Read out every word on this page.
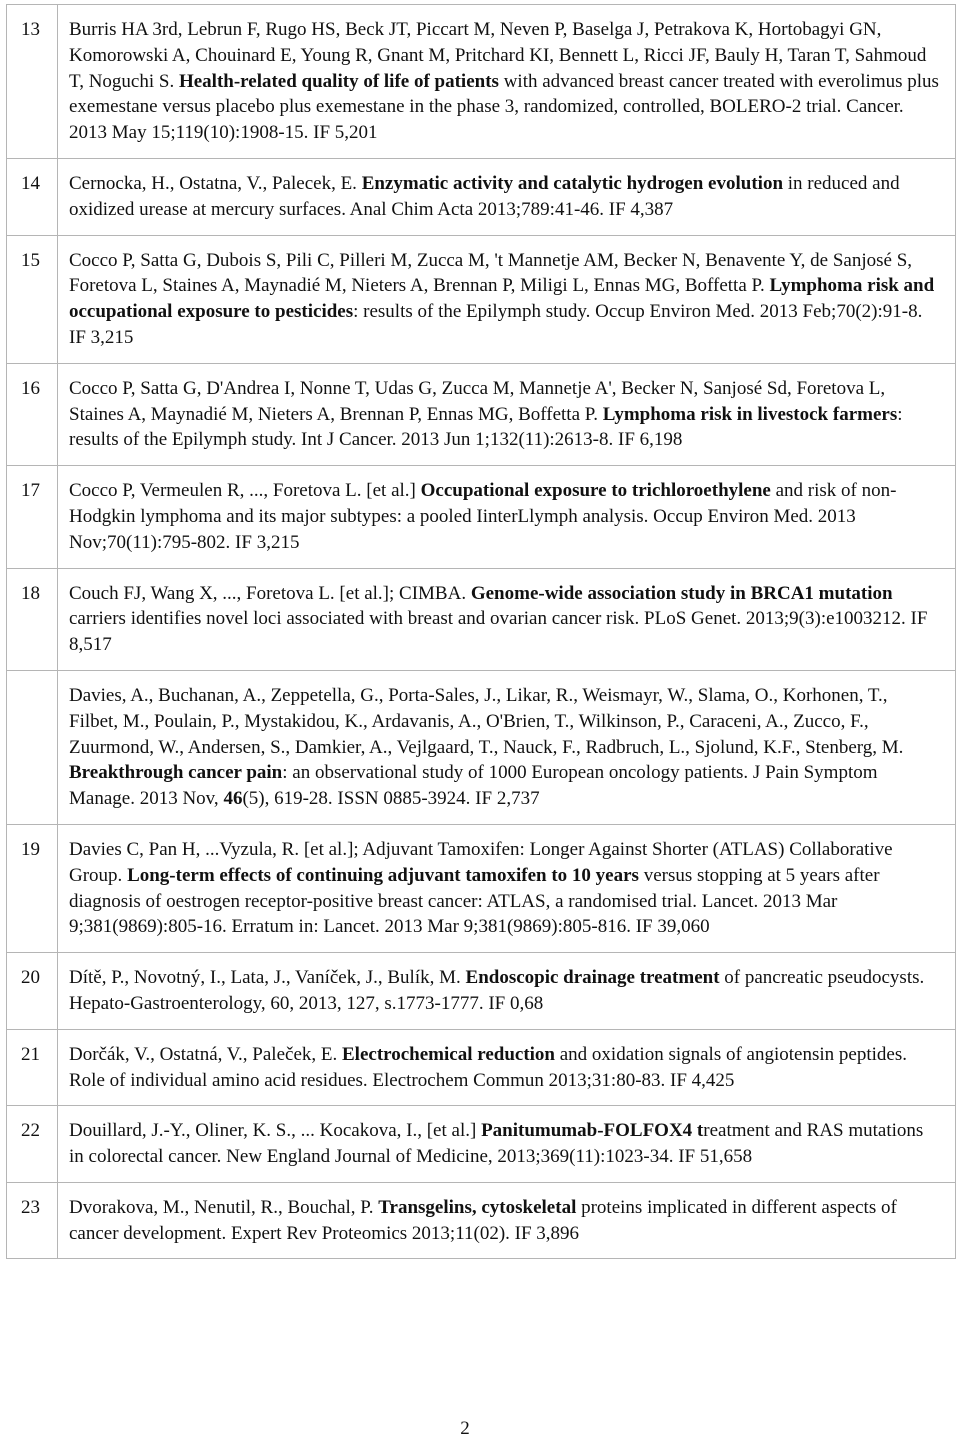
13	Burris HA 3rd, Lebrun F, Rugo HS, Beck JT, Piccart M, Neven P, Baselga J, Petrakova K, Hortobagyi GN, Komorowski A, Chouinard E, Young R, Gnant M, Pritchard KI, Bennett L, Ricci JF, Bauly H, Taran T, Sahmoud T, Noguchi S. Health-related quality of life of patients with advanced breast cancer treated with everolimus plus exemestane versus placebo plus exemestane in the phase 3, randomized, controlled, BOLERO-2 trial. Cancer. 2013 May 15;119(10):1908-15. IF 5,201

14	Cernocka, H., Ostatna, V., Palecek, E. Enzymatic activity and catalytic hydrogen evolution in reduced and oxidized urease at mercury surfaces. Anal Chim Acta 2013;789:41-46. IF 4,387

15	Cocco P, Satta G, Dubois S, Pili C, Pilleri M, Zucca M, 't Mannetje AM, Becker N, Benavente Y, de Sanjosé S, Foretova L, Staines A, Maynadié M, Nieters A, Brennan P, Miligi L, Ennas MG, Boffetta P. Lymphoma risk and occupational exposure to pesticides: results of the Epilymph study. Occup Environ Med. 2013 Feb;70(2):91-8. IF 3,215

16	Cocco P, Satta G, D'Andrea I, Nonne T, Udas G, Zucca M, Mannetje A', Becker N, Sanjosé Sd, Foretova L, Staines A, Maynadié M, Nieters A, Brennan P, Ennas MG, Boffetta P. Lymphoma risk in livestock farmers: results of the Epilymph study. Int J Cancer. 2013 Jun 1;132(11):2613-8. IF 6,198

17	Cocco P, Vermeulen R, ..., Foretova L. [et al.] Occupational exposure to trichloroethylene and risk of non-Hodgkin lymphoma and its major subtypes: a pooled IinterLlymph analysis. Occup Environ Med. 2013 Nov;70(11):795-802. IF 3,215

18	Couch FJ, Wang X, ..., Foretova L. [et al.]; CIMBA. Genome-wide association study in BRCA1 mutation carriers identifies novel loci associated with breast and ovarian cancer risk. PLoS Genet. 2013;9(3):e1003212. IF 8,517

	Davies, A., Buchanan, A., Zeppetella, G., Porta-Sales, J., Likar, R., Weismayr, W., Slama, O., Korhonen, T., Filbet, M., Poulain, P., Mystakidou, K., Ardavanis, A., O'Brien, T., Wilkinson, P., Caraceni, A., Zucco, F., Zuurmond, W., Andersen, S., Damkier, A., Vejlgaard, T., Nauck, F., Radbruch, L., Sjolund, K.F., Stenberg, M. Breakthrough cancer pain: an observational study of 1000 European oncology patients. J Pain Symptom Manage. 2013 Nov, 46(5), 619-28. ISSN 0885-3924. IF 2,737

19	Davies C, Pan H, ...Vyzula, R. [et al.]; Adjuvant Tamoxifen: Longer Against Shorter (ATLAS) Collaborative Group. Long-term effects of continuing adjuvant tamoxifen to 10 years versus stopping at 5 years after diagnosis of oestrogen receptor-positive breast cancer: ATLAS, a randomised trial. Lancet. 2013 Mar 9;381(9869):805-16. Erratum in: Lancet. 2013 Mar 9;381(9869):805-816. IF 39,060

20	Dítě, P., Novotný, I., Lata, J., Vaníček, J., Bulík, M. Endoscopic drainage treatment of pancreatic pseudocysts. Hepato-Gastroenterology, 60, 2013, 127, s.1773-1777. IF 0,68

21	Dorčák, V., Ostatná, V., Paleček, E. Electrochemical reduction and oxidation signals of angiotensin peptides. Role of individual amino acid residues. Electrochem Commun 2013;31:80-83. IF 4,425

22	Douillard, J.-Y., Oliner, K. S., ... Kocakova, I., [et al.] Panitumumab-FOLFOX4 treatment and RAS mutations in colorectal cancer. New England Journal of Medicine, 2013;369(11):1023-34. IF 51,658

23	Dvorakova, M., Nenutil, R., Bouchal, P. Transgelins, cytoskeletal proteins implicated in different aspects of cancer development. Expert Rev Proteomics 2013;11(02). IF 3,896
2
